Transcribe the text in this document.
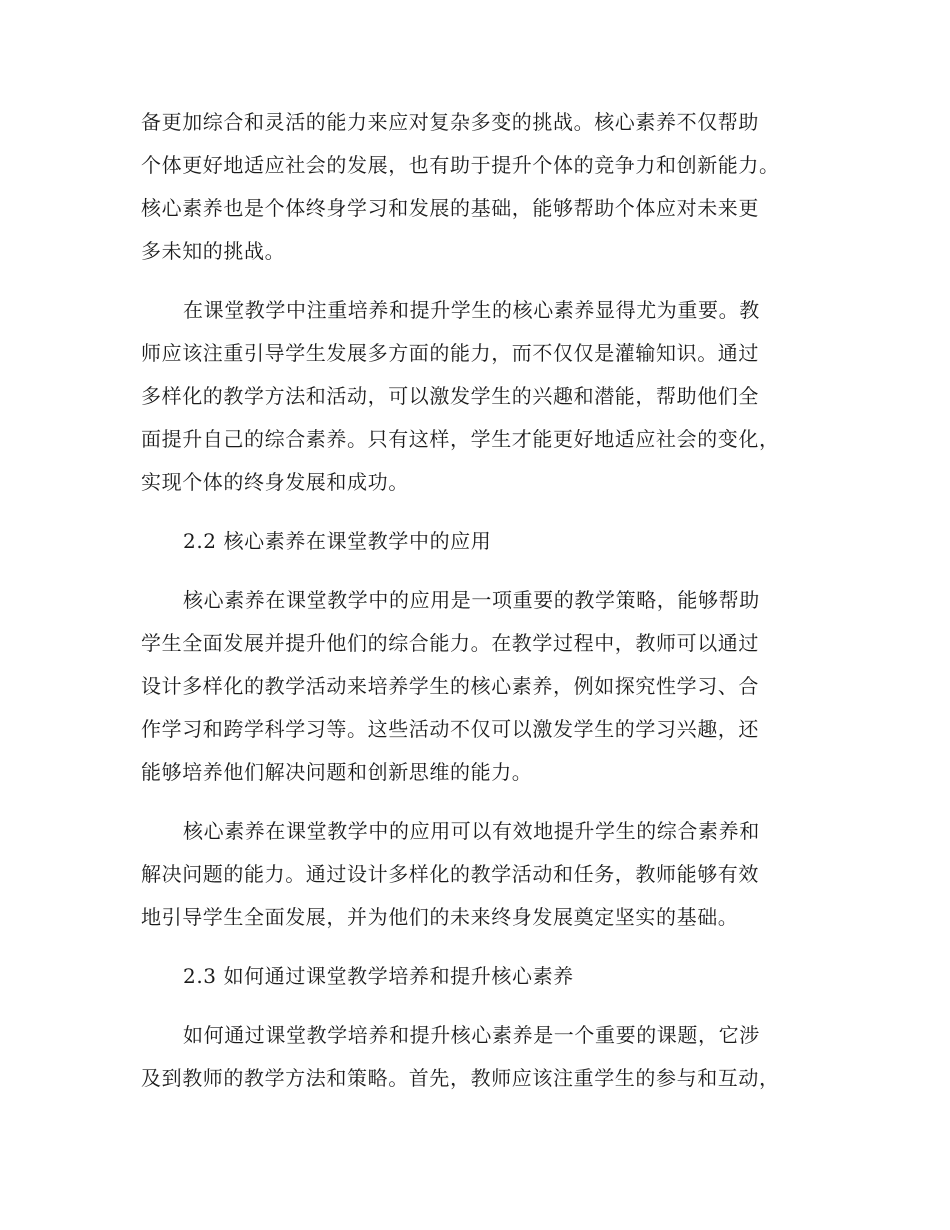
备更加综合和灵活的能力来应对复杂多变的挑战。核心素养不仅帮助

个体更好地适应社会的发展，也有助于提升个体的竞争力和创新能力。

核心素养也是个体终身学习和发展的基础，能够帮助个体应对未来更

多未知的挑战。

在课堂教学中注重培养和提升学生的核心素养显得尤为重要。教

师应该注重引导学生发展多方面的能力，而不仅仅是灌输知识。通过

多样化的教学方法和活动，可以激发学生的兴趣和潜能，帮助他们全

面提升自己的综合素养。只有这样，学生才能更好地适应社会的变化，

实现个体的终身发展和成功。

2.2 核心素养在课堂教学中的应用

核心素养在课堂教学中的应用是一项重要的教学策略，能够帮助

学生全面发展并提升他们的综合能力。在教学过程中，教师可以通过

设计多样化的教学活动来培养学生的核心素养，例如探究性学习、合

作学习和跨学科学习等。这些活动不仅可以激发学生的学习兴趣，还

能够培养他们解决问题和创新思维的能力。

核心素养在课堂教学中的应用可以有效地提升学生的综合素养和

解决问题的能力。通过设计多样化的教学活动和任务，教师能够有效

地引导学生全面发展，并为他们的未来终身发展奠定坚实的基础。

2.3 如何通过课堂教学培养和提升核心素养

如何通过课堂教学培养和提升核心素养是一个重要的课题，它涉

及到教师的教学方法和策略。首先，教师应该注重学生的参与和互动，
